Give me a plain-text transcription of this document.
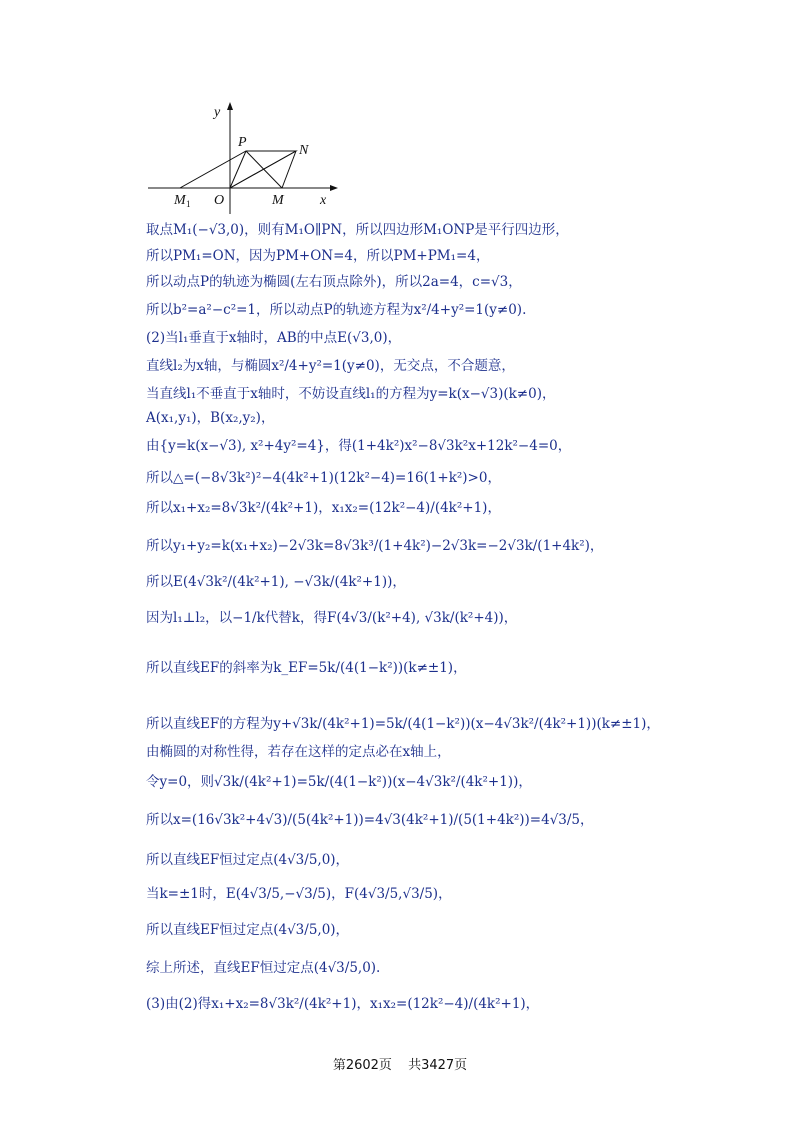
y
x
P
N
O	M
M 1
取点M₁(−√3,0)，则有M₁O∥PN，所以四边形M₁ONP是平行四边形，
所以PM₁=ON，因为PM+ON=4，所以PM+PM₁=4，
所以动点P的轨迹为椭圆(左右顶点除外)，所以2a=4，c=√3，
所以b²=a²−c²=1，所以动点P的轨迹方程为x²/4+y²=1(y≠0).
(2)当l₁垂直于x轴时，AB的中点E(√3,0)，
直线l₂为x轴，与椭圆x²/4+y²=1(y≠0)，无交点，不合题意，
当直线l₁不垂直于x轴时，不妨设直线l₁的方程为y=k(x−√3)(k≠0)，
A(x₁,y₁)，B(x₂,y₂)，
由{y=k(x−√3), x²+4y²=4}，得(1+4k²)x²−8√3k²x+12k²−4=0，
所以△=(−8√3k²)²−4(4k²+1)(12k²−4)=16(1+k²)>0，
所以x₁+x₂=8√3k²/(4k²+1)，x₁x₂=(12k²−4)/(4k²+1)，
所以y₁+y₂=k(x₁+x₂)−2√3k=8√3k³/(1+4k²)−2√3k=−2√3k/(1+4k²)，
所以E(4√3k²/(4k²+1), −√3k/(4k²+1))，
因为l₁⊥l₂，以−1/k代替k，得F(4√3/(k²+4), √3k/(k²+4))，
所以直线EF的斜率为k_EF=5k/(4(1−k²))(k≠±1)，
所以直线EF的方程为y+√3k/(4k²+1)=5k/(4(1−k²))(x−4√3k²/(4k²+1))(k≠±1)，
由椭圆的对称性得，若存在这样的定点必在x轴上，
令y=0，则√3k/(4k²+1)=5k/(4(1−k²))(x−4√3k²/(4k²+1))，
所以x=(16√3k²+4√3)/(5(4k²+1))=4√3(4k²+1)/(5(1+4k²))=4√3/5，
所以直线EF恒过定点(4√3/5,0)，
当k=±1时，E(4√3/5,−√3/5)，F(4√3/5,√3/5)，
所以直线EF恒过定点(4√3/5,0)，
综上所述，直线EF恒过定点(4√3/5,0).
(3)由(2)得x₁+x₂=8√3k²/(4k²+1)，x₁x₂=(12k²−4)/(4k²+1)，
第2602页 共3427页
